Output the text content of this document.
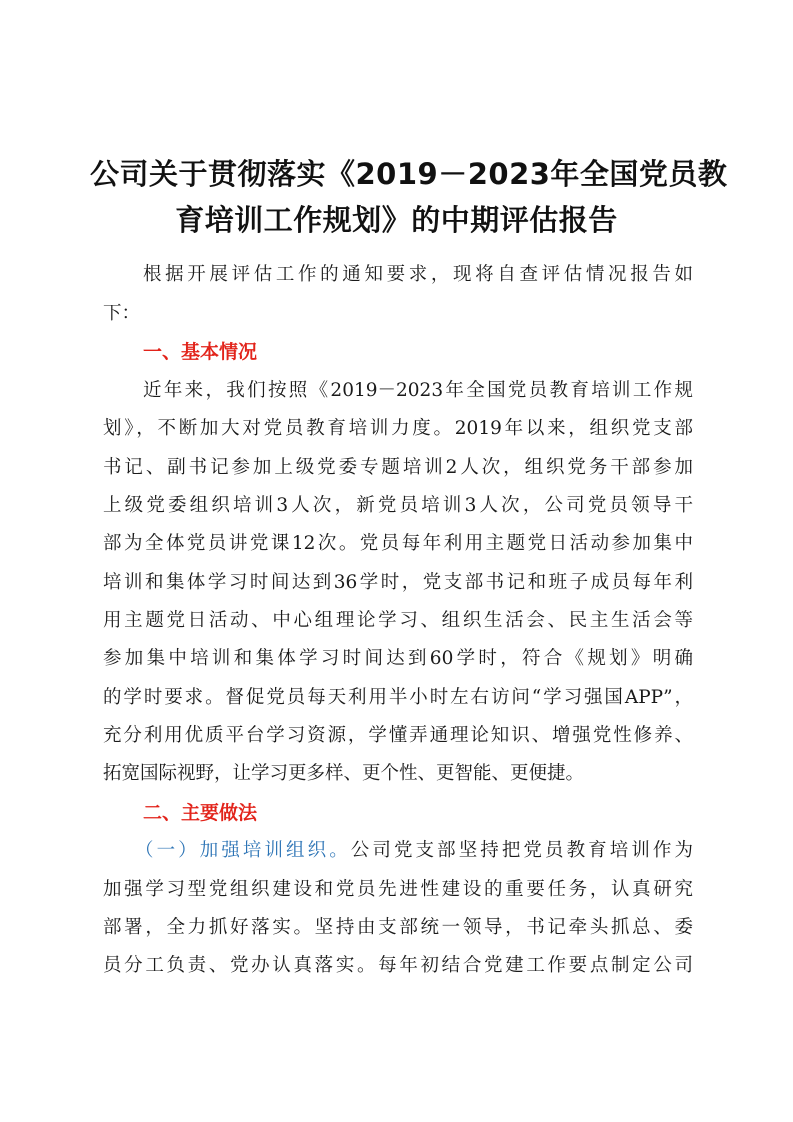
公司关于贯彻落实《2019－2023年全国党员教
育培训工作规划》的中期评估报告
根据开展评估工作的通知要求，现将自查评估情况报告如
下：
一、基本情况
近年来，我们按照《2019－2023年全国党员教育培训工作规
划》，不断加大对党员教育培训力度。2019年以来，组织党支部
书记、副书记参加上级党委专题培训2人次，组织党务干部参加
上级党委组织培训3人次，新党员培训3人次，公司党员领导干
部为全体党员讲党课12次。党员每年利用主题党日活动参加集中
培训和集体学习时间达到36学时，党支部书记和班子成员每年利
用主题党日活动、中心组理论学习、组织生活会、民主生活会等
参加集中培训和集体学习时间达到60学时，符合《规划》明确
的学时要求。督促党员每天利用半小时左右访问“学习强国APP”，
充分利用优质平台学习资源，学懂弄通理论知识、增强党性修养、
拓宽国际视野，让学习更多样、更个性、更智能、更便捷。
二、主要做法
（一）加强培训组织。公司党支部坚持把党员教育培训作为
加强学习型党组织建设和党员先进性建设的重要任务，认真研究
部署，全力抓好落实。坚持由支部统一领导，书记牵头抓总、委
员分工负责、党办认真落实。每年初结合党建工作要点制定公司
